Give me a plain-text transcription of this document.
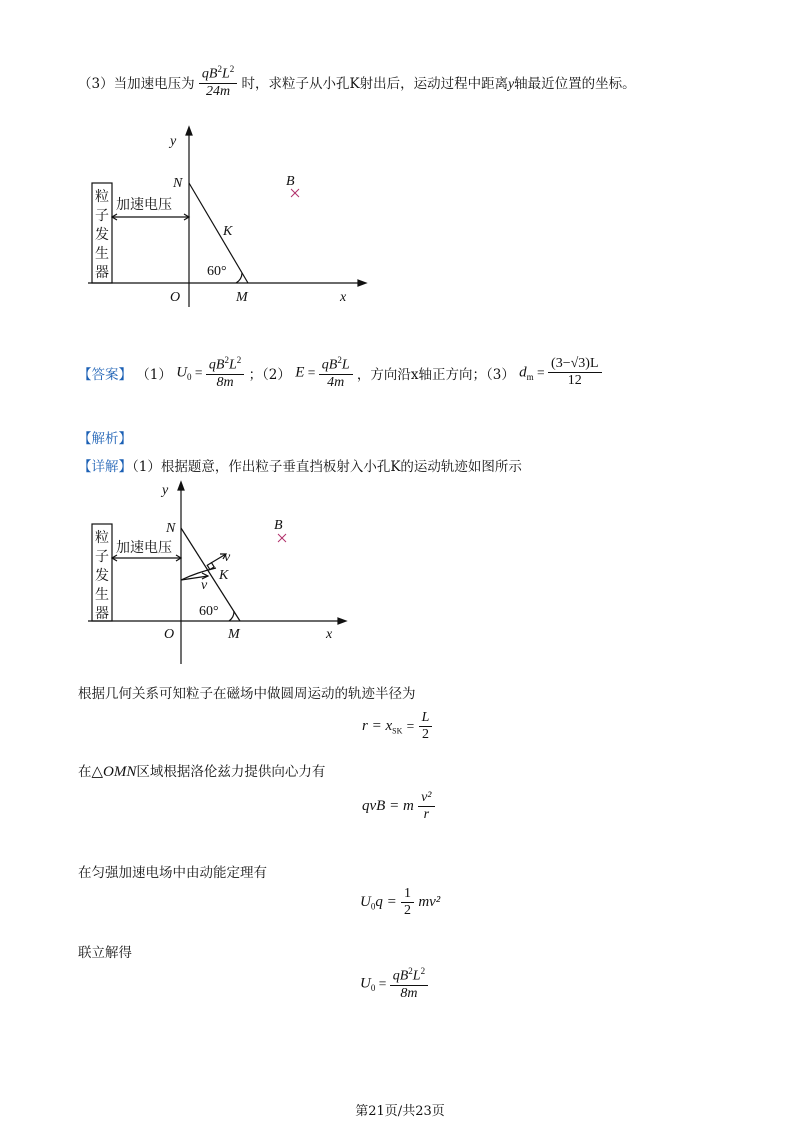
（3）当加速电压为 $\frac{qB^2L^2}{24m}$ 时，求粒子从小孔K射出后，运动过程中距离y轴最近位置的坐标。
y
N
K
B
60°
O	M	x
加速电压
粒
子
发
生
器
【答案】 （1） $U_0 = \frac{qB^2L^2}{8m}$ ；（2） $E = \frac{qB^2L}{4m}$ ，方向沿x轴正方向；（3） $d_m = \frac{(3-√3)L}{12}$
【解析】
【详解】（1）根据题意，作出粒子垂直挡板射入小孔K的运动轨迹如图所示
y
N
K
v
v
B
60°
O	M	x
加速电压
粒
子
发
生
器
根据几何关系可知粒子在磁场中做圆周运动的轨迹半径为
$r = x_{SK} = \frac{L}{2}$
在△OMN区域根据洛伦兹力提供向心力有
qvB = m $\frac{\text{v²}}{r}$
在匀强加速电场中由动能定理有
$U_0q = \frac{1}{2} mv^2$
联立解得
$U_0 = \frac{qB^2L^2}{8m}$
第21页/共23页
